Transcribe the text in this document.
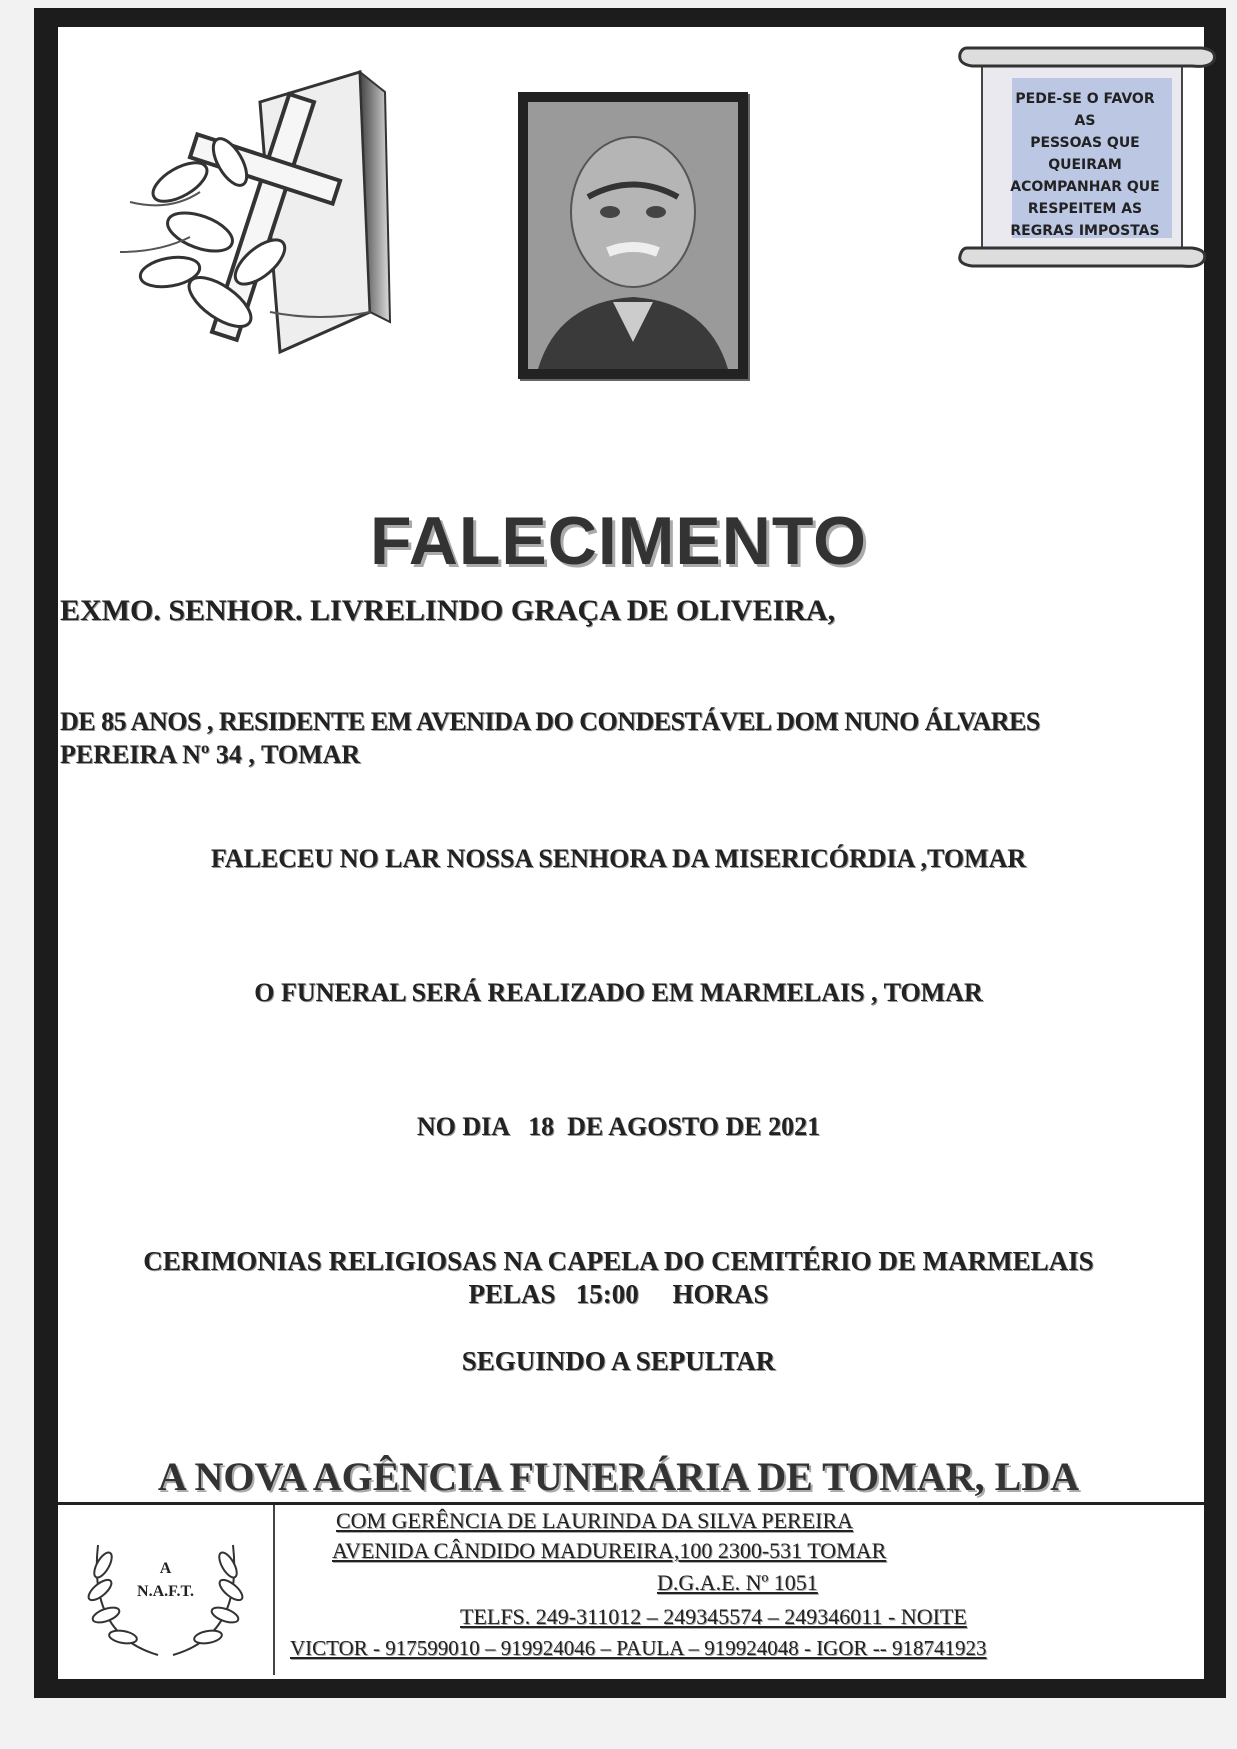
PEDE-SE O FAVOR AS
PESSOAS QUE
QUEIRAM
ACOMPANHAR QUE
RESPEITEM AS
REGRAS IMPOSTAS
FALECIMENTO
EXMO. SENHOR. LIVRELINDO GRAÇA DE OLIVEIRA,
DE 85 ANOS , RESIDENTE EM AVENIDA DO CONDESTÁVEL DOM NUNO ÁLVARES
PEREIRA Nº 34 , TOMAR
FALECEU NO LAR NOSSA SENHORA DA MISERICÓRDIA ,TOMAR
O FUNERAL SERÁ REALIZADO EM MARMELAIS , TOMAR
NO DIA   18  DE AGOSTO DE 2021
CERIMONIAS RELIGIOSAS NA CAPELA DO CEMITÉRIO DE MARMELAIS
PELAS   15:00     HORAS
SEGUINDO A SEPULTAR
A NOVA AGÊNCIA FUNERÁRIA DE TOMAR, LDA
A
N.A.F.T.
COM GERÊNCIA DE LAURINDA DA SILVA PEREIRA
AVENIDA CÂNDIDO MADUREIRA,100 2300-531 TOMAR
D.G.A.E. Nº 1051
TELFS. 249-311012 – 249345574 – 249346011 - NOITE
VICTOR - 917599010 – 919924046 – PAULA – 919924048 - IGOR -- 918741923
